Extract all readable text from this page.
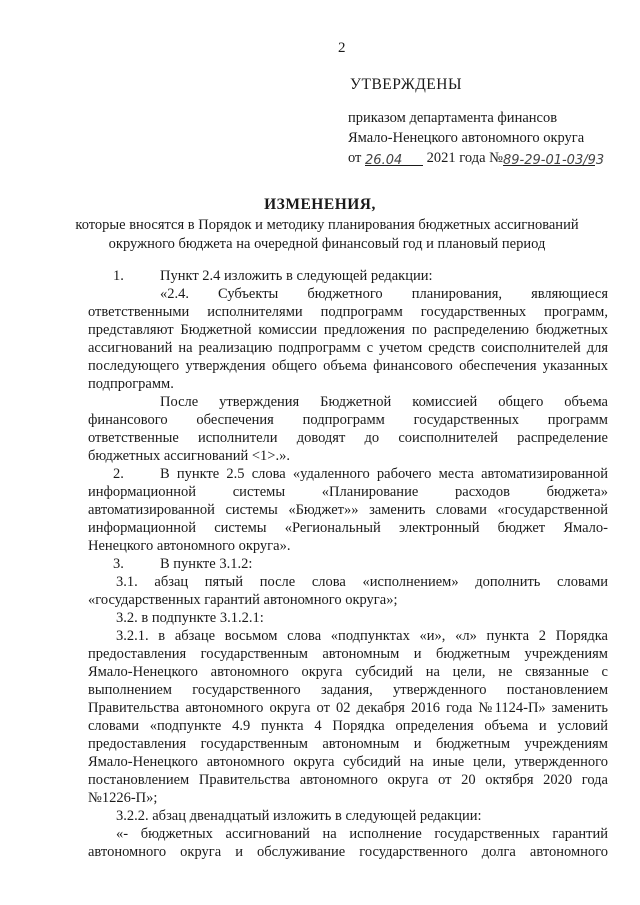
2
УТВЕРЖДЕНЫ
приказом департамента финансов
Ямало-Ненецкого автономного округа
от 26.04 2021 года №89-29-01-03/93
ИЗМЕНЕНИЯ,
которые вносятся в Порядок и методику планирования бюджетных ассигнований
окружного бюджета на очередной финансовый год и плановый период
1.	Пункт 2.4 изложить в следующей редакции:
«2.4. Субъекты бюджетного планирования, являющиеся
ответственными исполнителями подпрограмм государственных программ,
представляют Бюджетной комиссии предложения по распределению бюджетных
ассигнований на реализацию подпрограмм с учетом средств соисполнителей для
последующего утверждения общего объема финансового обеспечения указанных
подпрограмм.
После утверждения Бюджетной комиссией общего объема
финансового обеспечения подпрограмм государственных программ
ответственные исполнители доводят до соисполнителей распределение
бюджетных ассигнований <1>.».
2.	В пункте 2.5 слова «удаленного рабочего места автоматизированной
информационной системы «Планирование расходов бюджета»
автоматизированной системы «Бюджет»» заменить словами «государственной
информационной системы «Региональный электронный бюджет Ямало-
Ненецкого автономного округа».
3.	В пункте 3.1.2:
3.1. абзац пятый после слова «исполнением» дополнить словами
«государственных гарантий автономного округа»;
3.2. в подпункте 3.1.2.1:
3.2.1. в абзаце восьмом слова «подпунктах «и», «л» пункта 2 Порядка
предоставления государственным автономным и бюджетным учреждениям
Ямало-Ненецкого автономного округа субсидий на цели, не связанные с
выполнением государственного задания, утвержденного постановлением
Правительства автономного округа от 02 декабря 2016 года №1124-П» заменить
словами «подпункте 4.9 пункта 4 Порядка определения объема и условий
предоставления государственным автономным и бюджетным учреждениям
Ямало-Ненецкого автономного округа субсидий на иные цели, утвержденного
постановлением Правительства автономного округа от 20 октября 2020 года
№1226-П»;
3.2.2. абзац двенадцатый изложить в следующей редакции:
«- бюджетных ассигнований на исполнение государственных гарантий
автономного округа и обслуживание государственного долга автономного
